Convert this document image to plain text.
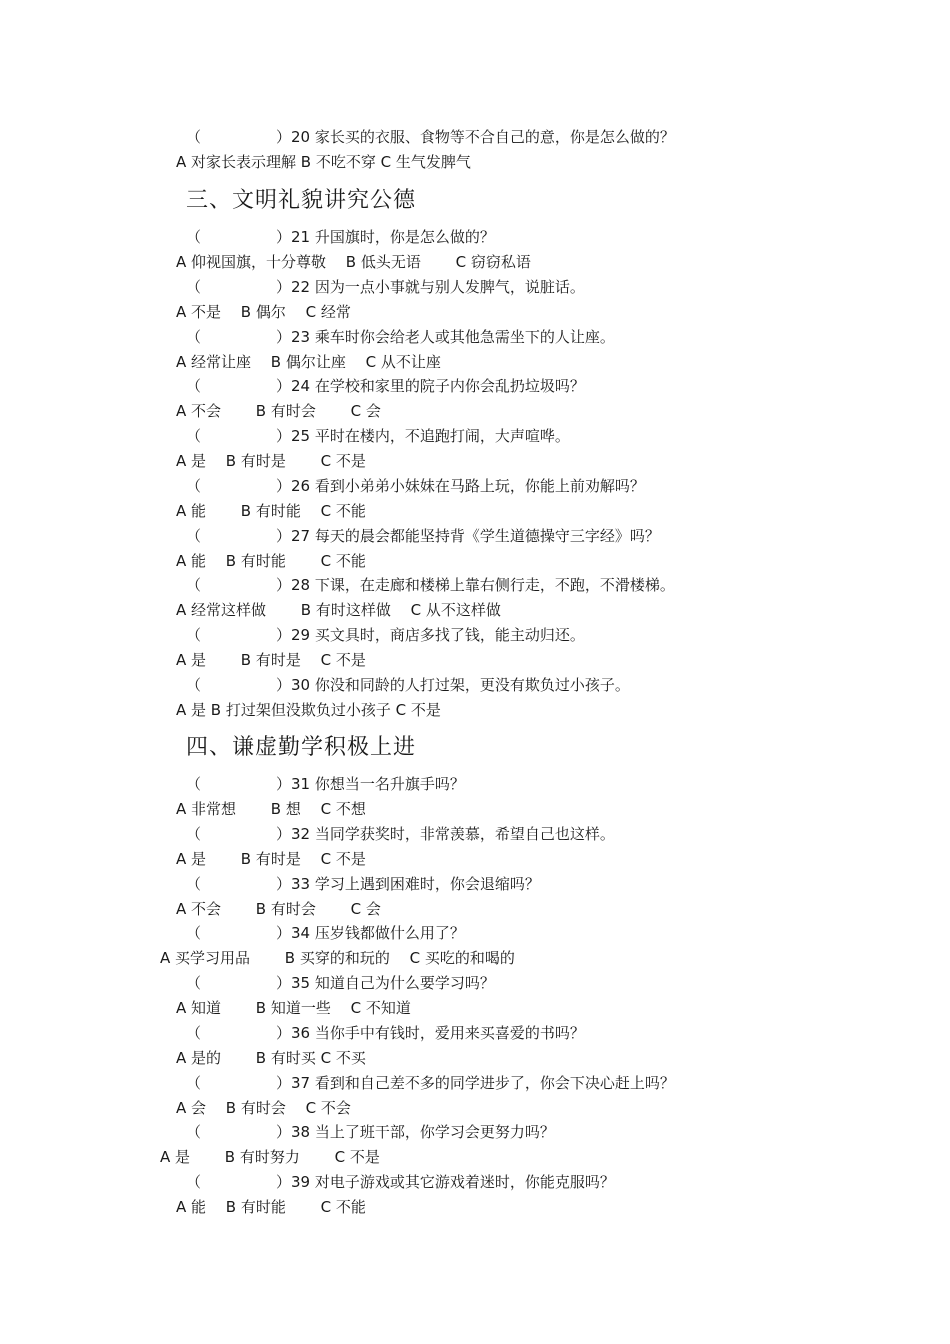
（　　　　　）20 家长买的衣服、食物等不合自己的意，你是怎么做的？
A 对家长表示理解 B 不吃不穿 C 生气发脾气
三、文明礼貌讲究公德
（　　　　　）21 升国旗时，你是怎么做的？
A 仰视国旗，十分尊敬　 B 低头无语　　 C 窃窃私语
（　　　　　）22 因为一点小事就与别人发脾气，说脏话。
A 不是　 B 偶尔　 C 经常
（　　　　　）23 乘车时你会给老人或其他急需坐下的人让座。
A 经常让座　 B 偶尔让座　 C 从不让座
（　　　　　）24 在学校和家里的院子内你会乱扔垃圾吗？
A 不会　　 B 有时会　　 C 会
（　　　　　）25 平时在楼内，不追跑打闹，大声喧哗。
A 是　 B 有时是　　 C 不是
（　　　　　）26 看到小弟弟小妹妹在马路上玩，你能上前劝解吗？
A 能　　 B 有时能　 C 不能
（　　　　　）27 每天的晨会都能坚持背《学生道德操守三字经》吗？
A 能　 B 有时能　　 C 不能
（　　　　　）28 下课，在走廊和楼梯上靠右侧行走，不跑，不滑楼梯。
A 经常这样做　　 B 有时这样做　 C 从不这样做
（　　　　　）29 买文具时，商店多找了钱，能主动归还。
A 是　　 B 有时是　 C 不是
（　　　　　）30 你没和同龄的人打过架，更没有欺负过小孩子。
A 是 B 打过架但没欺负过小孩子 C 不是
四、谦虚勤学积极上进
（　　　　　）31 你想当一名升旗手吗？
A 非常想　　 B 想　 C 不想
（　　　　　）32 当同学获奖时，非常羡慕，希望自己也这样。
A 是　　 B 有时是　 C 不是
（　　　　　）33 学习上遇到困难时，你会退缩吗？
A 不会　　 B 有时会　　 C 会
（　　　　　）34 压岁钱都做什么用了？
A 买学习用品　　 B 买穿的和玩的　 C 买吃的和喝的
（　　　　　）35 知道自己为什么要学习吗？
A 知道　　 B 知道一些　 C 不知道
（　　　　　）36 当你手中有钱时，爱用来买喜爱的书吗？
A 是的　　 B 有时买 C 不买
（　　　　　）37 看到和自己差不多的同学进步了，你会下决心赶上吗？
A 会　 B 有时会　 C 不会
（　　　　　）38 当上了班干部，你学习会更努力吗？
A 是　　 B 有时努力　　 C 不是
（　　　　　）39 对电子游戏或其它游戏着迷时，你能克服吗？
A 能　 B 有时能　　 C 不能
